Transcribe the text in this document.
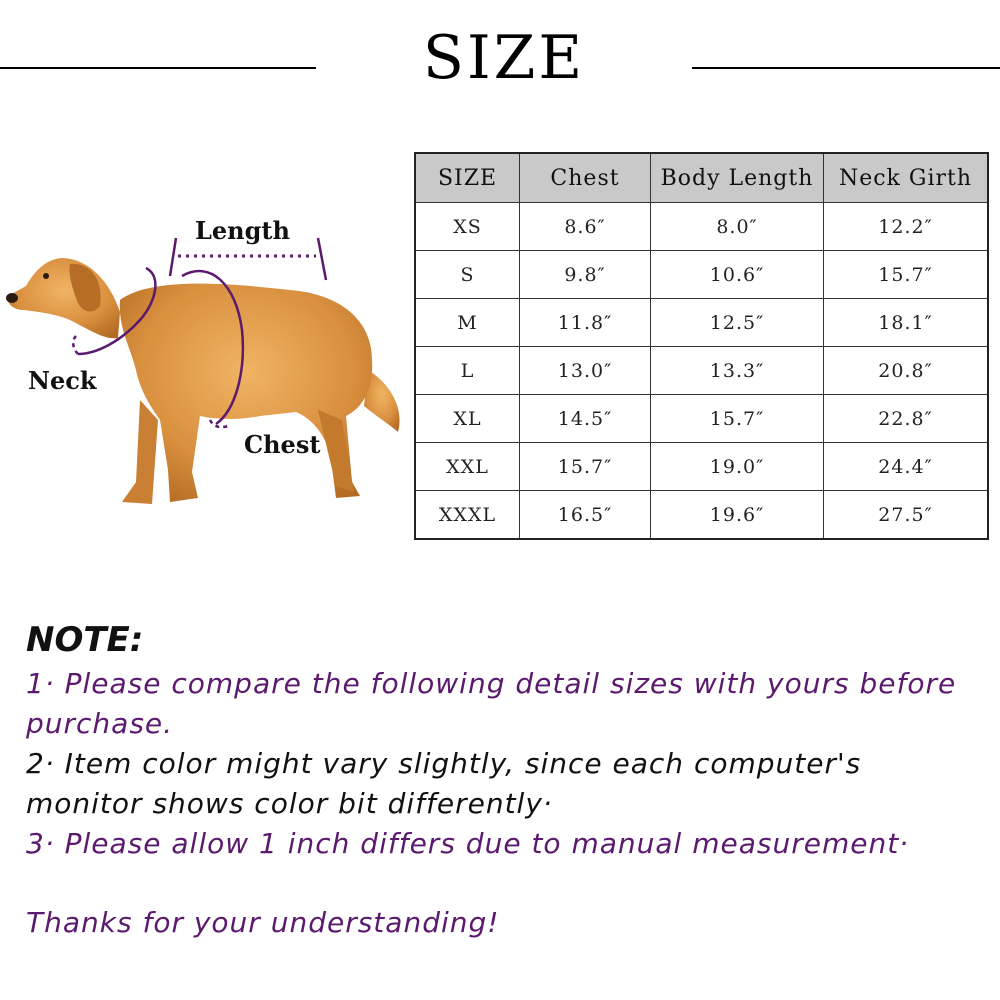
SIZE
Length
Neck
Chest
SIZE	Chest	Body Length	Neck Girth
XS	8.6″	8.0″	12.2″
S	9.8″	10.6″	15.7″
M	11.8″	12.5″	18.1″
L	13.0″	13.3″	20.8″
XL	14.5″	15.7″	22.8″
XXL	15.7″	19.0″	24.4″
XXXL	16.5″	19.6″	27.5″

NOTE:

1· Please compare the following detail sizes with yours before

purchase.

2· Item color might vary slightly, since each computer's

monitor shows color bit differently·

3· Please allow 1 inch differs due to manual measurement·

Thanks for your understanding!
